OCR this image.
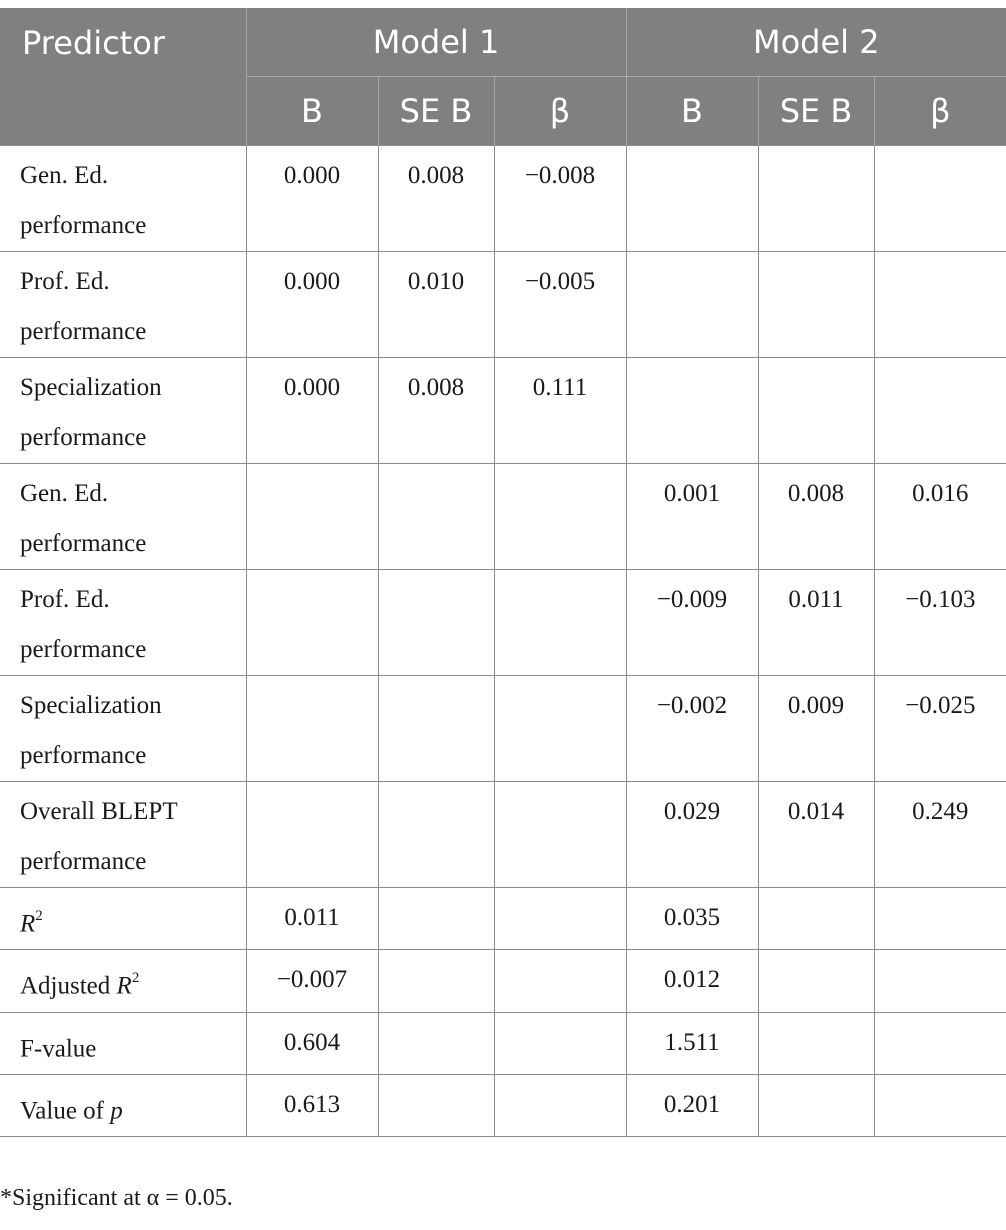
Predictor	Model 1			Model 2		
	B	SE B	β	B	SE B	β

Gen. Ed.
performance	0.000	0.008	−0.008			

Prof. Ed.
performance	0.000	0.010	−0.005			

Specialization
performance	0.000	0.008	0.111			

Gen. Ed.
performance				0.001	0.008	0.016

Prof. Ed.
performance				−0.009	0.011	−0.103

Specialization
performance				−0.002	0.009	−0.025

Overall BLEPT
performance				0.029	0.014	0.249
$R^2$	0.011			0.035		
Adjusted $R^2$	−0.007			0.012		
F-value	0.604			1.511		
Value of p	0.613			0.201		
*Significant at α = 0.05.
